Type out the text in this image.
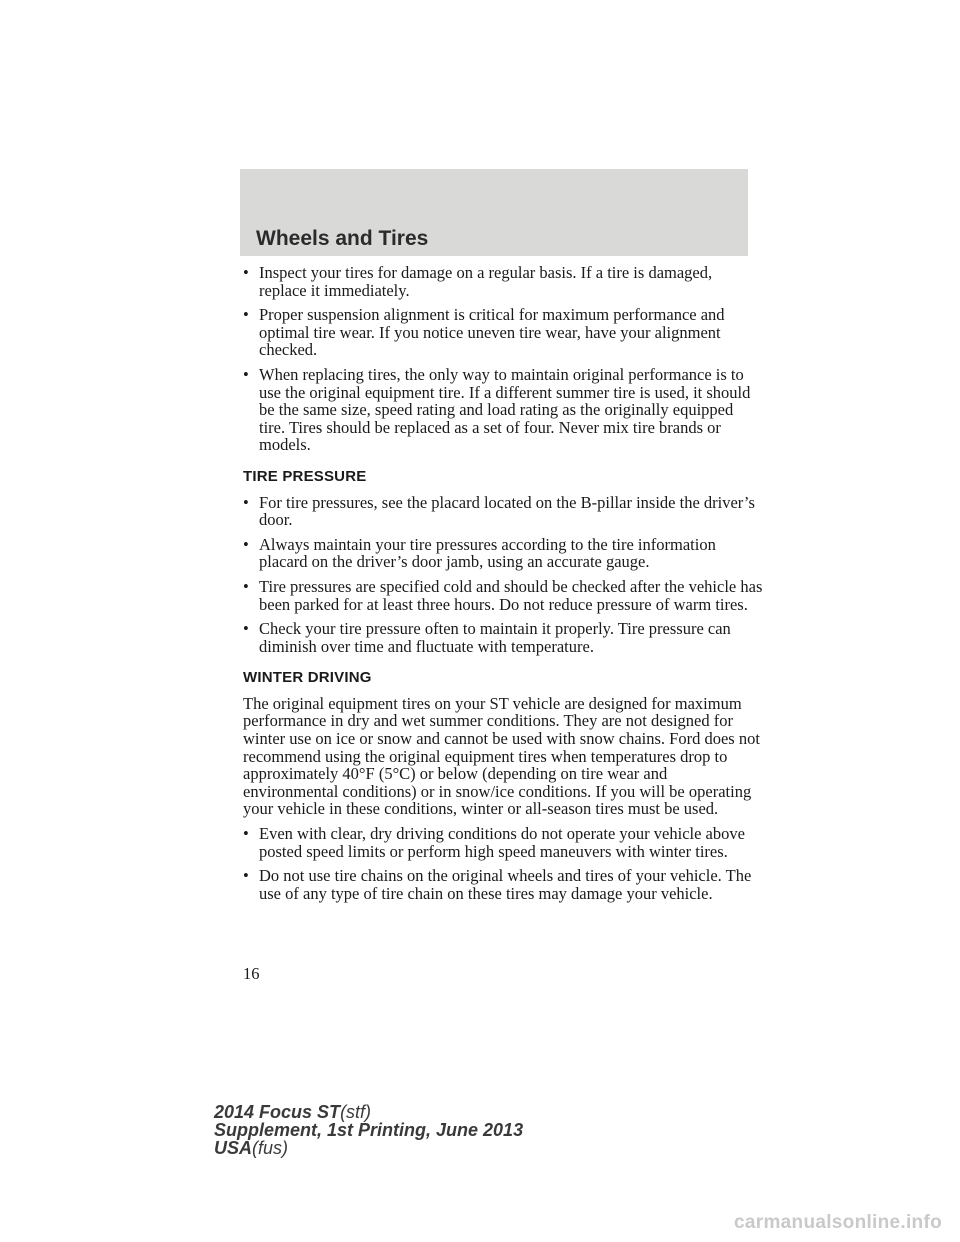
Wheels and Tires
• Inspect your tires for damage on a regular basis. If a tire is damaged, replace it immediately.
• Proper suspension alignment is critical for maximum performance and optimal tire wear. If you notice uneven tire wear, have your alignment checked.
• When replacing tires, the only way to maintain original performance is to use the original equipment tire. If a different summer tire is used, it should be the same size, speed rating and load rating as the originally equipped tire. Tires should be replaced as a set of four. Never mix tire brands or models.
TIRE PRESSURE
• For tire pressures, see the placard located on the B-pillar inside the driver’s door.
• Always maintain your tire pressures according to the tire information placard on the driver’s door jamb, using an accurate gauge.
• Tire pressures are specified cold and should be checked after the vehicle has been parked for at least three hours. Do not reduce pressure of warm tires.
• Check your tire pressure often to maintain it properly. Tire pressure can diminish over time and fluctuate with temperature.
WINTER DRIVING

The original equipment tires on your ST vehicle are designed for maximum performance in dry and wet summer conditions. They are not designed for winter use on ice or snow and cannot be used with snow chains. Ford does not recommend using the original equipment tires when temperatures drop to approximately 40°F (5°C) or below (depending on tire wear and environmental conditions) or in snow/ice conditions. If you will be operating your vehicle in these conditions, winter or all-season tires must be used.

• Even with clear, dry driving conditions do not operate your vehicle above posted speed limits or perform high speed maneuvers with winter tires.
• Do not use tire chains on the original wheels and tires of your vehicle. The use of any type of tire chain on these tires may damage your vehicle.
16
2014 Focus ST(stf)
Supplement, 1st Printing, June 2013
USA(fus)
carmanualsonline.info
